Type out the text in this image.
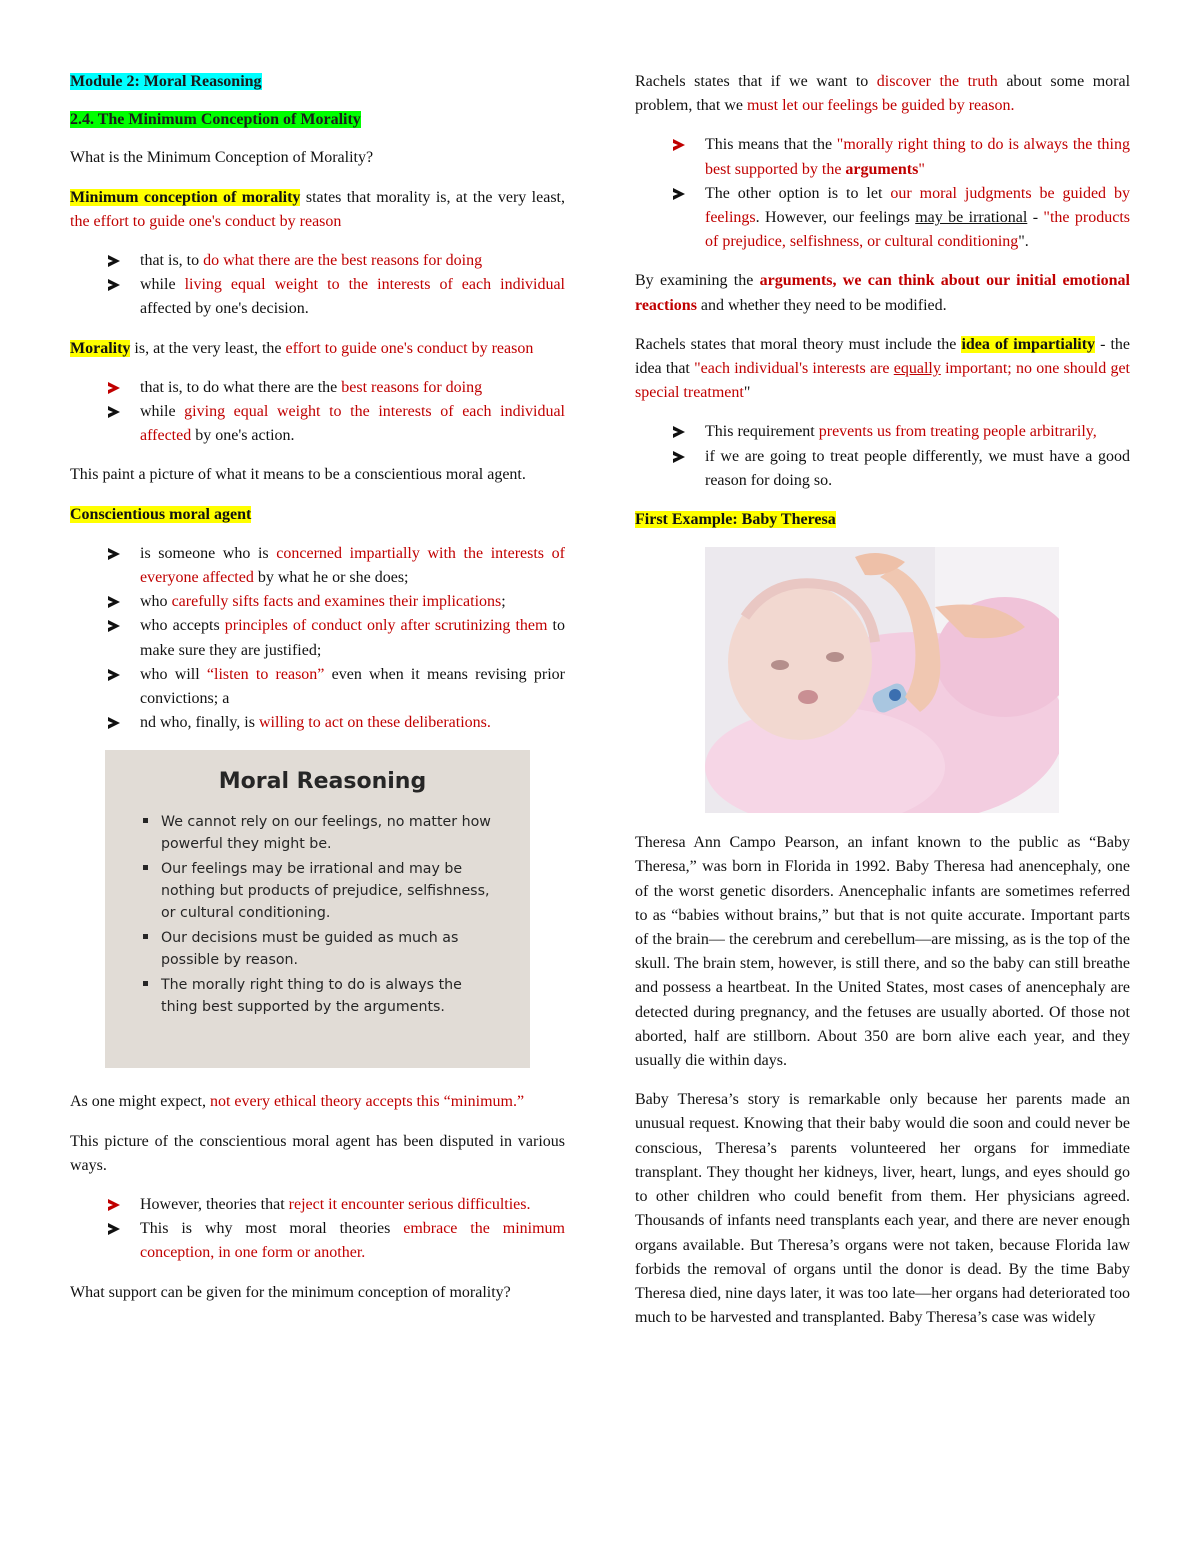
Module 2: Moral Reasoning

2.4. The Minimum Conception of Morality

What is the Minimum Conception of Morality?

Minimum conception of morality states that morality is, at the very least, the effort to guide one's conduct by reason

that is, to do what there are the best reasons for doing
while living equal weight to the interests of each individual affected by one's decision.

Morality is, at the very least, the effort to guide one's conduct by reason

that is, to do what there are the best reasons for doing
while giving equal weight to the interests of each individual affected by one's action.

This paint a picture of what it means to be a conscientious moral agent.

Conscientious moral agent

is someone who is concerned impartially with the interests of everyone affected by what he or she does;
who carefully sifts facts and examines their implications;
who accepts principles of conduct only after scrutinizing them to make sure they are justified;
who will “listen to reason” even when it means revising prior convictions; a
nd who, finally, is willing to act on these deliberations.
Moral Reasoning
We cannot rely on our feelings, no matter how powerful they might be.
Our feelings may be irrational and may be nothing but products of prejudice, selfishness, or cultural conditioning.
Our decisions must be guided as much as possible by reason.
The morally right thing to do is always the thing best supported by the arguments.

As one might expect, not every ethical theory accepts this “minimum.”

This picture of the conscientious moral agent has been disputed in various ways.

However, theories that reject it encounter serious difficulties.
This is why most moral theories embrace the minimum conception, in one form or another.

What support can be given for the minimum conception of morality?

Rachels states that if we want to discover the truth about some moral problem, that we must let our feelings be guided by reason.

This means that the "morally right thing to do is always the thing best supported by the arguments"
The other option is to let our moral judgments be guided by feelings. However, our feelings may be irrational - "the products of prejudice, selfishness, or cultural conditioning".

By examining the arguments, we can think about our initial emotional reactions and whether they need to be modified.

Rachels states that moral theory must include the idea of impartiality - the idea that "each individual's interests are equally important; no one should get special treatment"

This requirement prevents us from treating people arbitrarily,
if we are going to treat people differently, we must have a good reason for doing so.

First Example: Baby Theresa

Theresa Ann Campo Pearson, an infant known to the public as “Baby Theresa,” was born in Florida in 1992. Baby Theresa had anencephaly, one of the worst genetic disorders. Anencephalic infants are sometimes referred to as “babies without brains,” but that is not quite accurate. Important parts of the brain— the cerebrum and cerebellum—are missing, as is the top of the skull. The brain stem, however, is still there, and so the baby can still breathe and possess a heartbeat. In the United States, most cases of anencephaly are detected during pregnancy, and the fetuses are usually aborted. Of those not aborted, half are stillborn. About 350 are born alive each year, and they usually die within days.

Baby Theresa’s story is remarkable only because her parents made an unusual request. Knowing that their baby would die soon and could never be conscious, Theresa’s parents volunteered her organs for immediate transplant. They thought her kidneys, liver, heart, lungs, and eyes should go to other children who could benefit from them. Her physicians agreed. Thousands of infants need transplants each year, and there are never enough organs available. But Theresa’s organs were not taken, because Florida law forbids the removal of organs until the donor is dead. By the time Baby Theresa died, nine days later, it was too late—her organs had deteriorated too much to be harvested and transplanted. Baby Theresa’s case was widely
